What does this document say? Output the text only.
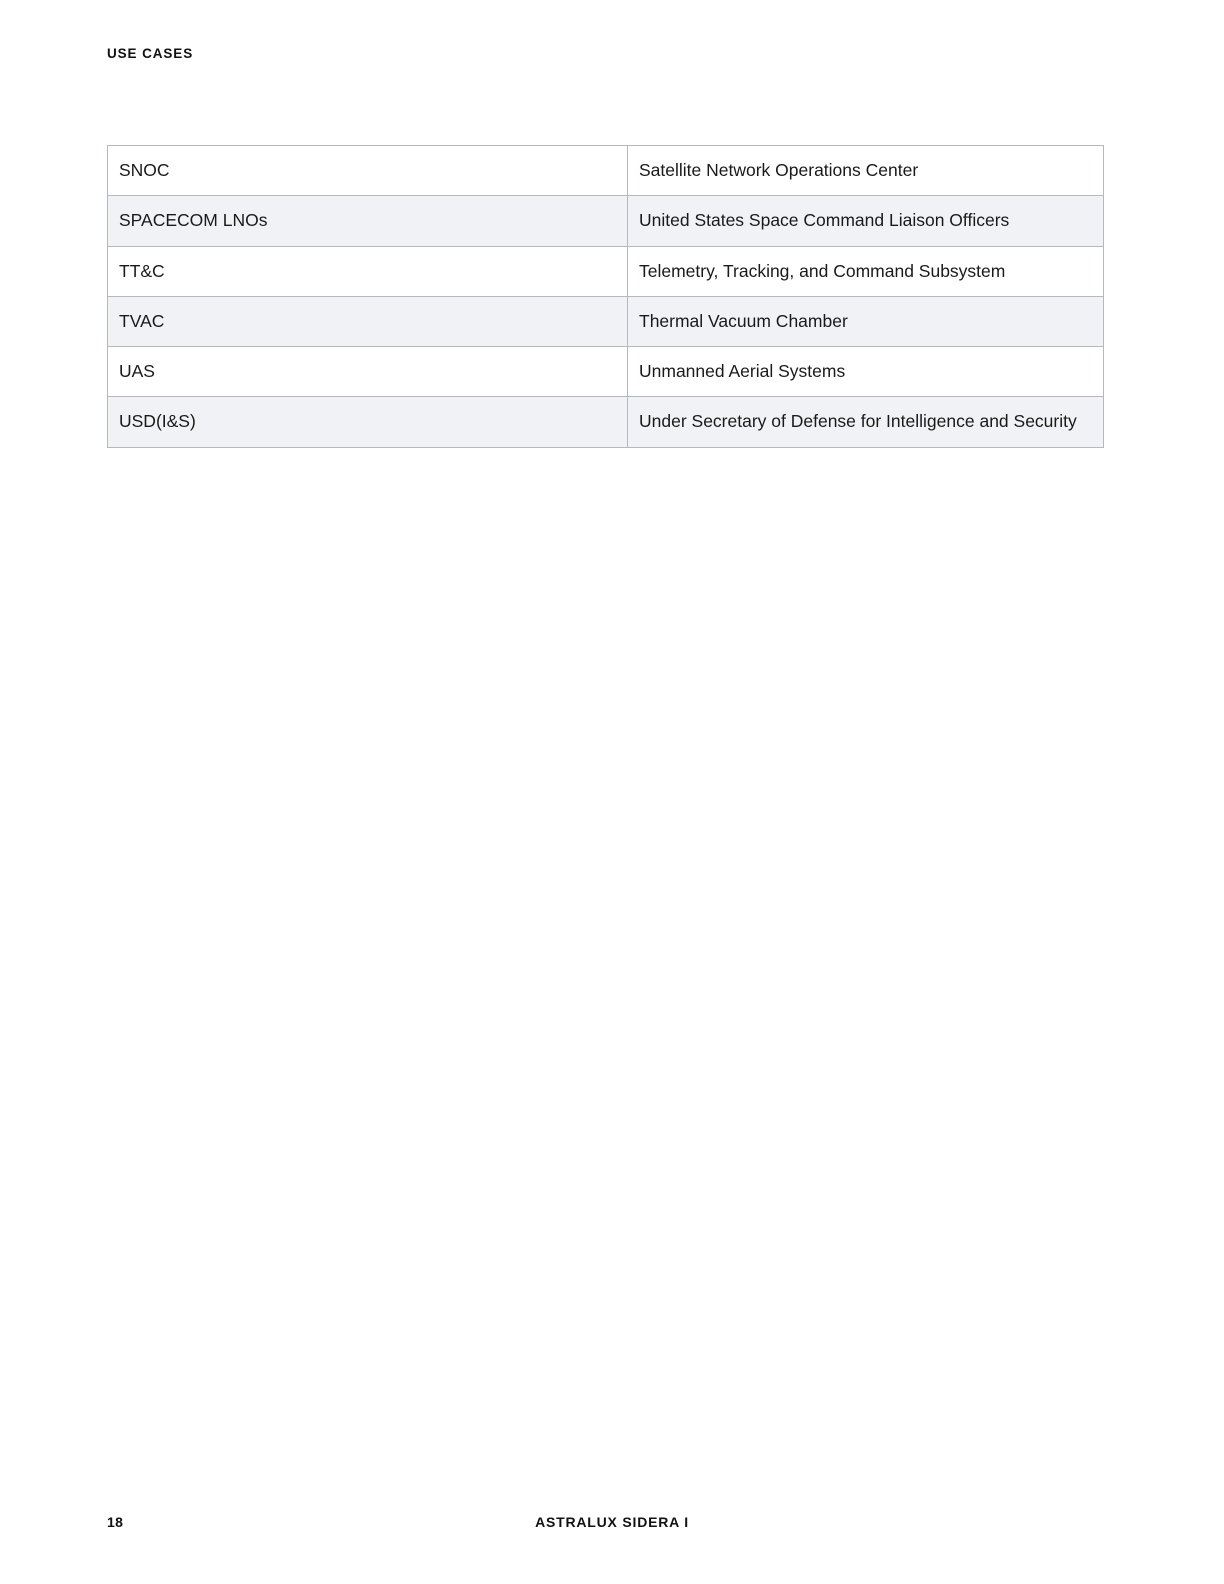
USE CASES
SNOC	Satellite Network Operations Center
SPACECOM LNOs	United States Space Command Liaison Officers
TT&C	Telemetry, Tracking, and Command Subsystem
TVAC	Thermal Vacuum Chamber
UAS	Unmanned Aerial Systems
USD(I&S)	Under Secretary of Defense for Intelligence and Security
18	ASTRALUX SIDERA I
